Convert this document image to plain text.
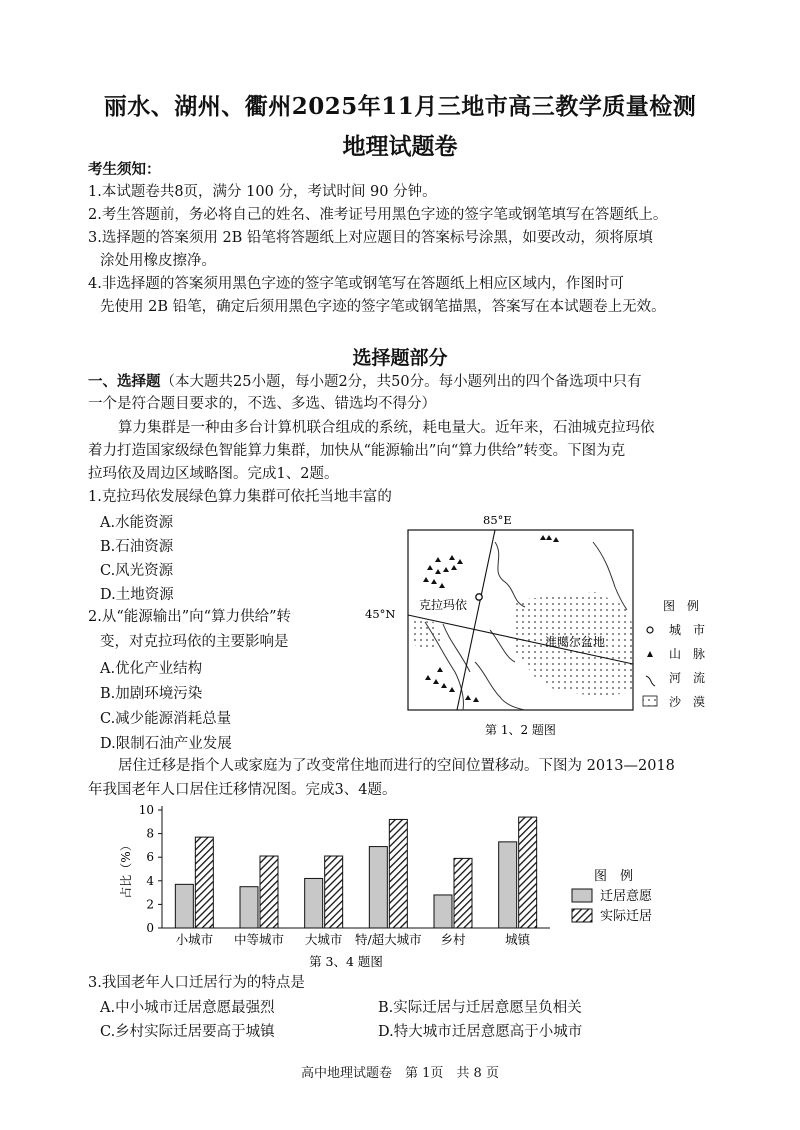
丽水、湖州、衢州2025年11月三地市高三教学质量检测
地理试题卷
考生须知：
1.本试题卷共8页，满分 100 分，考试时间 90 分钟。
2.考生答题前，务必将自己的姓名、准考证号用黑色字迹的签字笔或钢笔填写在答题纸上。
3.选择题的答案须用 2B 铅笔将答题纸上对应题目的答案标号涂黑，如要改动，须将原填
涂处用橡皮擦净。
4.非选择题的答案须用黑色字迹的签字笔或钢笔写在答题纸上相应区域内，作图时可
先使用 2B 铅笔，确定后须用黑色字迹的签字笔或钢笔描黑，答案写在本试题卷上无效。
选择题部分
一、选择题（本大题共25小题，每小题2分，共50分。每小题列出的四个备选项中只有
一个是符合题目要求的，不选、多选、错选均不得分）
算力集群是一种由多台计算机联合组成的系统，耗电量大。近年来，石油城克拉玛依
着力打造国家级绿色智能算力集群，加快从“能源输出”向“算力供给”转变。下图为克
拉玛依及周边区域略图。完成1、2题。
1.克拉玛依发展绿色算力集群可依托当地丰富的
A.水能资源
B.石油资源
C.风光资源
D.土地资源
2.从“能源输出”向“算力供给”转
变，对克拉玛依的主要影响是
A.优化产业结构
B.加剧环境污染
C.减少能源消耗总量
D.限制石油产业发展
克拉玛依
准噶尔盆地
85°E
45°N
图　例
城　市
山　脉
河　流
沙　漠
第 1、2 题图
居住迁移是指个人或家庭为了改变常住地而进行的空间位置移动。下图为 2013—2018
年我国老年人口居住迁移情况图。完成3、4题。
0
2
4
6
8
10
占比（%）
小城市 中等城市 大城市 特/超大城市 乡村	城镇
图　例
迁居意愿
实际迁居
第 3、4 题图
3.我国老年人口迁居行为的特点是
A.中小城市迁居意愿最强烈	B.实际迁居与迁居意愿呈负相关
C.乡村实际迁居要高于城镇	D.特大城市迁居意愿高于小城市
高中地理试题卷　第 1页　共 8 页
